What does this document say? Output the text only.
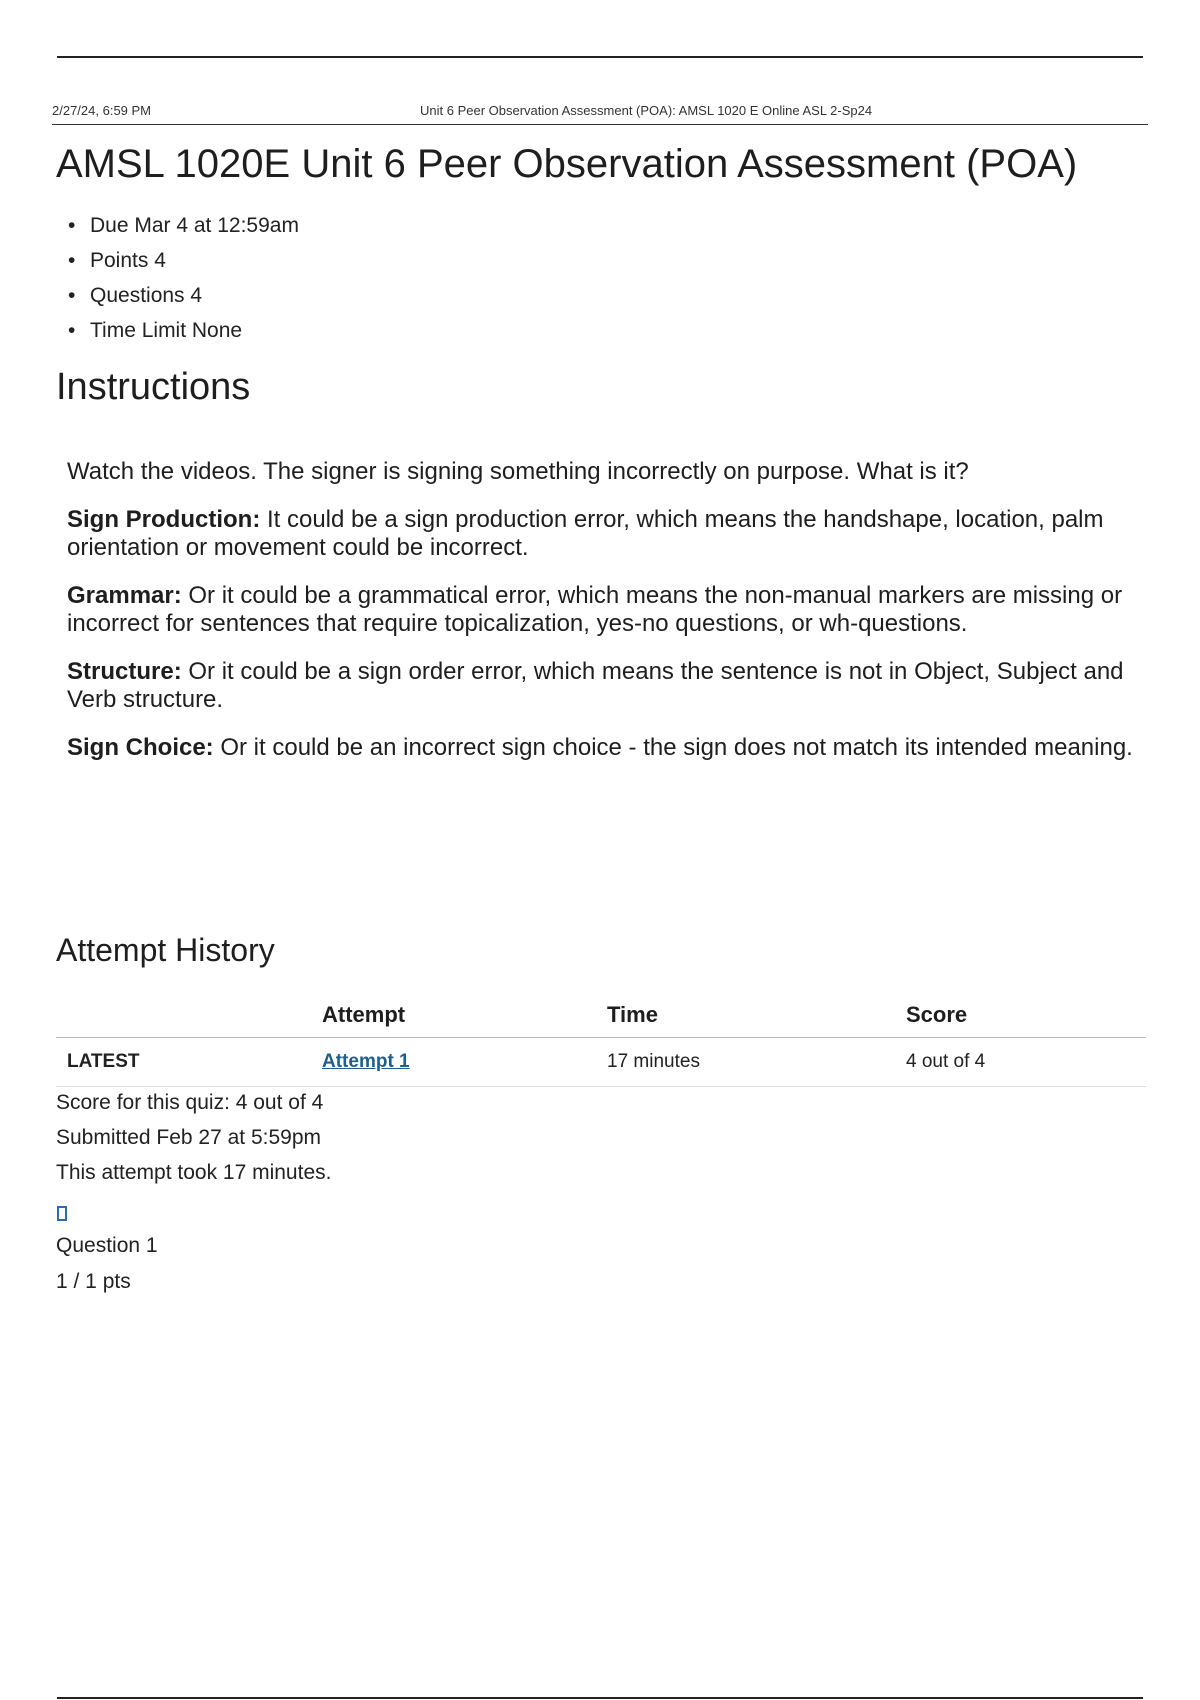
2/27/24, 6:59 PM	Unit 6 Peer Observation Assessment (POA): AMSL 1020 E Online ASL 2-Sp24
AMSL 1020E Unit 6 Peer Observation Assessment (POA)
• Due Mar 4 at 12:59am
• Points 4
• Questions 4
• Time Limit None
Instructions

Watch the videos. The signer is signing something incorrectly on purpose. What is it?

Sign Production: It could be a sign production error, which means the handshape, location, palm orientation or movement could be incorrect.

Grammar: Or it could be a grammatical error, which means the non-manual markers are missing or incorrect for sentences that require topicalization, yes-no questions, or wh-questions.

Structure: Or it could be a sign order error, which means the sentence is not in Object, Subject and Verb structure.

Sign Choice: Or it could be an incorrect sign choice - the sign does not match its intended meaning.

Attempt History
	Attempt	Time	Score
LATEST	Attempt 1	17 minutes	4 out of 4
Score for this quiz: 4 out of 4
Submitted Feb 27 at 5:59pm
This attempt took 17 minutes.
Question 1
1 / 1 pts
